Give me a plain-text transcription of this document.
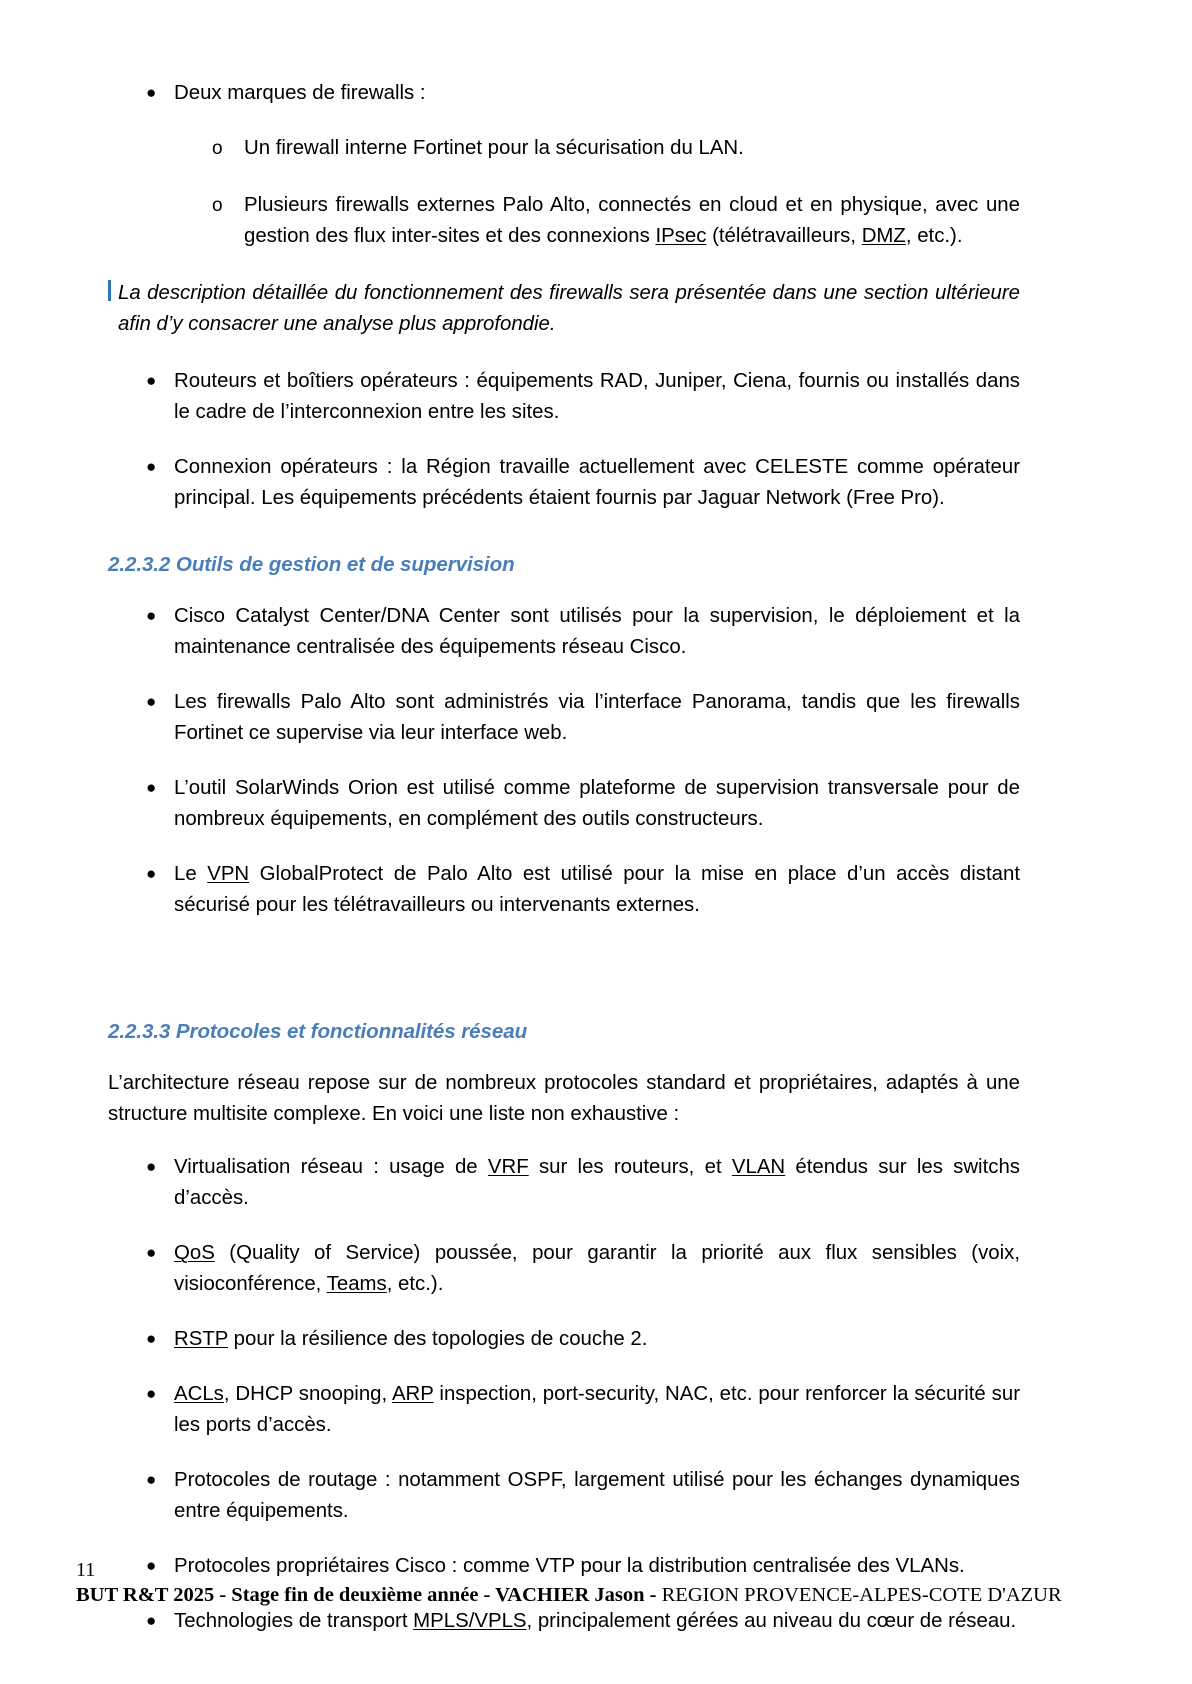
● Deux marques de firewalls :
o Un firewall interne Fortinet pour la sécurisation du LAN.
o Plusieurs firewalls externes Palo Alto, connectés en cloud et en physique, avec une gestion des flux inter-sites et des connexions IPsec (télétravailleurs, DMZ, etc.).
La description détaillée du fonctionnement des firewalls sera présentée dans une section ultérieure afin d’y consacrer une analyse plus approfondie.
● Routeurs et boîtiers opérateurs : équipements RAD, Juniper, Ciena, fournis ou installés dans le cadre de l’interconnexion entre les sites.
● Connexion opérateurs : la Région travaille actuellement avec CELESTE comme opérateur principal. Les équipements précédents étaient fournis par Jaguar Network (Free Pro).
2.2.3.2 Outils de gestion et de supervision
● Cisco Catalyst Center/DNA Center sont utilisés pour la supervision, le déploiement et la maintenance centralisée des équipements réseau Cisco.
● Les firewalls Palo Alto sont administrés via l’interface Panorama, tandis que les firewalls Fortinet ce supervise via leur interface web.
● L’outil SolarWinds Orion est utilisé comme plateforme de supervision transversale pour de nombreux équipements, en complément des outils constructeurs.
● Le VPN GlobalProtect de Palo Alto est utilisé pour la mise en place d’un accès distant sécurisé pour les télétravailleurs ou intervenants externes.
2.2.3.3 Protocoles et fonctionnalités réseau
L’architecture réseau repose sur de nombreux protocoles standard et propriétaires, adaptés à une structure multisite complexe. En voici une liste non exhaustive :
● Virtualisation réseau : usage de VRF sur les routeurs, et VLAN étendus sur les switchs d’accès.
● QoS (Quality of Service) poussée, pour garantir la priorité aux flux sensibles (voix, visioconférence, Teams, etc.).
● RSTP pour la résilience des topologies de couche 2.
● ACLs, DHCP snooping, ARP inspection, port-security, NAC, etc. pour renforcer la sécurité sur les ports d’accès.
● Protocoles de routage : notamment OSPF, largement utilisé pour les échanges dynamiques entre équipements.
● Protocoles propriétaires Cisco : comme VTP pour la distribution centralisée des VLANs.
● Technologies de transport MPLS/VPLS, principalement gérées au niveau du cœur de réseau.
11
BUT R&T 2025 - Stage fin de deuxième année - VACHIER Jason - REGION PROVENCE-ALPES-COTE D'AZUR
